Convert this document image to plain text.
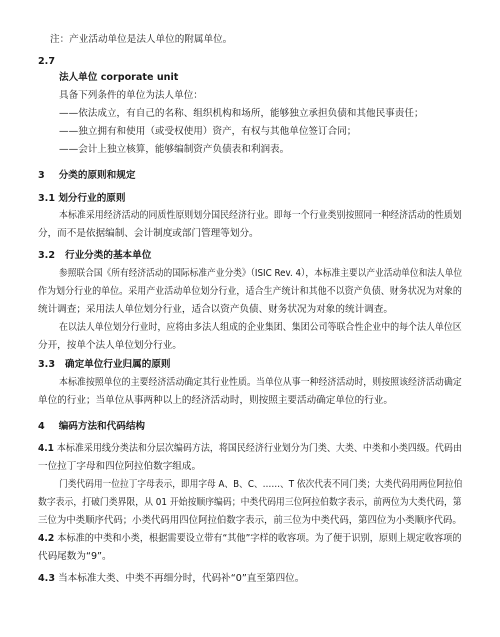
注：产业活动单位是法人单位的附属单位。
2.7
法人单位 corporate unit
具备下列条件的单位为法人单位：
——依法成立，有自己的名称、组织机构和场所，能够独立承担负债和其他民事责任；
——独立拥有和使用（或受权使用）资产，有权与其他单位签订合同；
——会计上独立核算，能够编制资产负债表和利润表。
3 分类的原则和规定
3.1 划分行业的原则
本标准采用经济活动的同质性原则划分国民经济行业。即每一个行业类别按照同一种经济活动的性质划
分，而不是依据编制、会计制度或部门管理等划分。
3.2 行业分类的基本单位
参照联合国《所有经济活动的国际标准产业分类》（ISIC Rev. 4），本标准主要以产业活动单位和法人单位
作为划分行业的单位。采用产业活动单位划分行业，适合生产统计和其他不以资产负债、财务状况为对象的
统计调查；采用法人单位划分行业，适合以资产负债、财务状况为对象的统计调查。
在以法人单位划分行业时，应将由多法人组成的企业集团、集团公司等联合性企业中的每个法人单位区
分开，按单个法人单位划分行业。
3.3 确定单位行业归属的原则
本标准按照单位的主要经济活动确定其行业性质。当单位从事一种经济活动时，则按照该经济活动确定
单位的行业；当单位从事两种以上的经济活动时，则按照主要活动确定单位的行业。
4 编码方法和代码结构
4.1 本标准采用线分类法和分层次编码方法，将国民经济行业划分为门类、大类、中类和小类四级。代码由
一位拉丁字母和四位阿拉伯数字组成。
门类代码用一位拉丁字母表示，即用字母 A、B、C、……、T 依次代表不同门类；大类代码用两位阿拉伯
数字表示，打破门类界限，从 01 开始按顺序编码；中类代码用三位阿拉伯数字表示，前两位为大类代码，第
三位为中类顺序代码；小类代码用四位阿拉伯数字表示，前三位为中类代码，第四位为小类顺序代码。
4.2 本标准的中类和小类，根据需要设立带有“其他”字样的收容项。为了便于识别，原则上规定收容项的
代码尾数为“9”。
4.3 当本标准大类、中类不再细分时，代码补“0”直至第四位。
